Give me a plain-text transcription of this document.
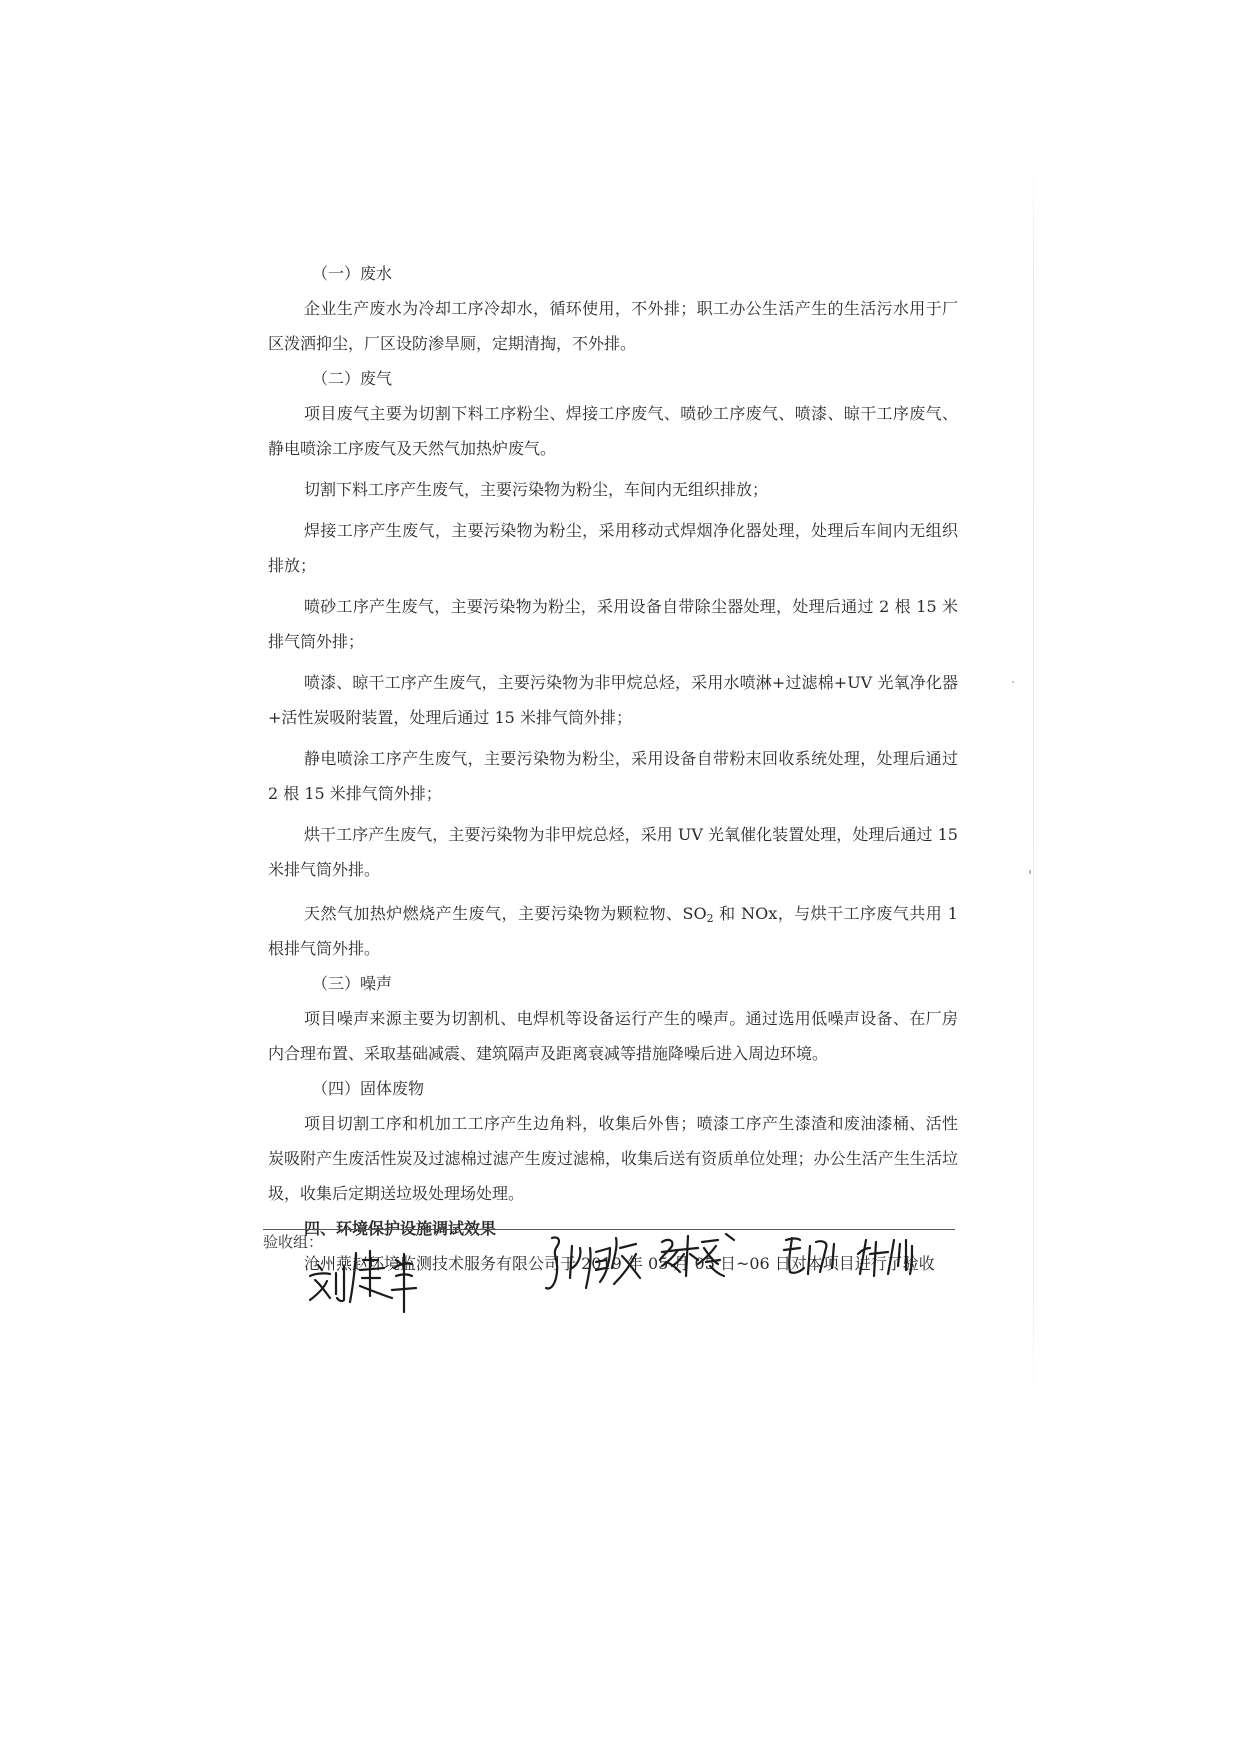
（一）废水

企业生产废水为冷却工序冷却水，循环使用，不外排；职工办公生活产生的生活污水用于厂区泼洒抑尘，厂区设防渗旱厕，定期清掏，不外排。

（二）废气

项目废气主要为切割下料工序粉尘、焊接工序废气、喷砂工序废气、喷漆、晾干工序废气、静电喷涂工序废气及天然气加热炉废气。

切割下料工序产生废气，主要污染物为粉尘，车间内无组织排放；

焊接工序产生废气，主要污染物为粉尘，采用移动式焊烟净化器处理，处理后车间内无组织排放；

喷砂工序产生废气，主要污染物为粉尘，采用设备自带除尘器处理，处理后通过 2 根 15 米排气筒外排；

喷漆、晾干工序产生废气，主要污染物为非甲烷总烃，采用水喷淋+过滤棉+UV 光氧净化器+活性炭吸附装置，处理后通过 15 米排气筒外排；

静电喷涂工序产生废气，主要污染物为粉尘，采用设备自带粉末回收系统处理，处理后通过 2 根 15 米排气筒外排；

烘干工序产生废气，主要污染物为非甲烷总烃，采用 UV 光氧催化装置处理，处理后通过 15 米排气筒外排。

天然气加热炉燃烧产生废气，主要污染物为颗粒物、$SO_2$ 和 NOx，与烘干工序废气共用 1 根排气筒外排。

（三）噪声

项目噪声来源主要为切割机、电焊机等设备运行产生的噪声。通过选用低噪声设备、在厂房内合理布置、采取基础减震、建筑隔声及距离衰减等措施降噪后进入周边环境。

（四）固体废物

项目切割工序和机加工工序产生边角料，收集后外售；喷漆工序产生漆渣和废油漆桶、活性炭吸附产生废活性炭及过滤棉过滤产生废过滤棉，收集后送有资质单位处理；办公生活产生生活垃圾，收集后定期送垃圾处理场处理。

四、环境保护设施调试效果

沧州燕赵环境监测技术服务有限公司于 2019 年 05 月 05 日~06 日对本项目进行了验收

验收组：
